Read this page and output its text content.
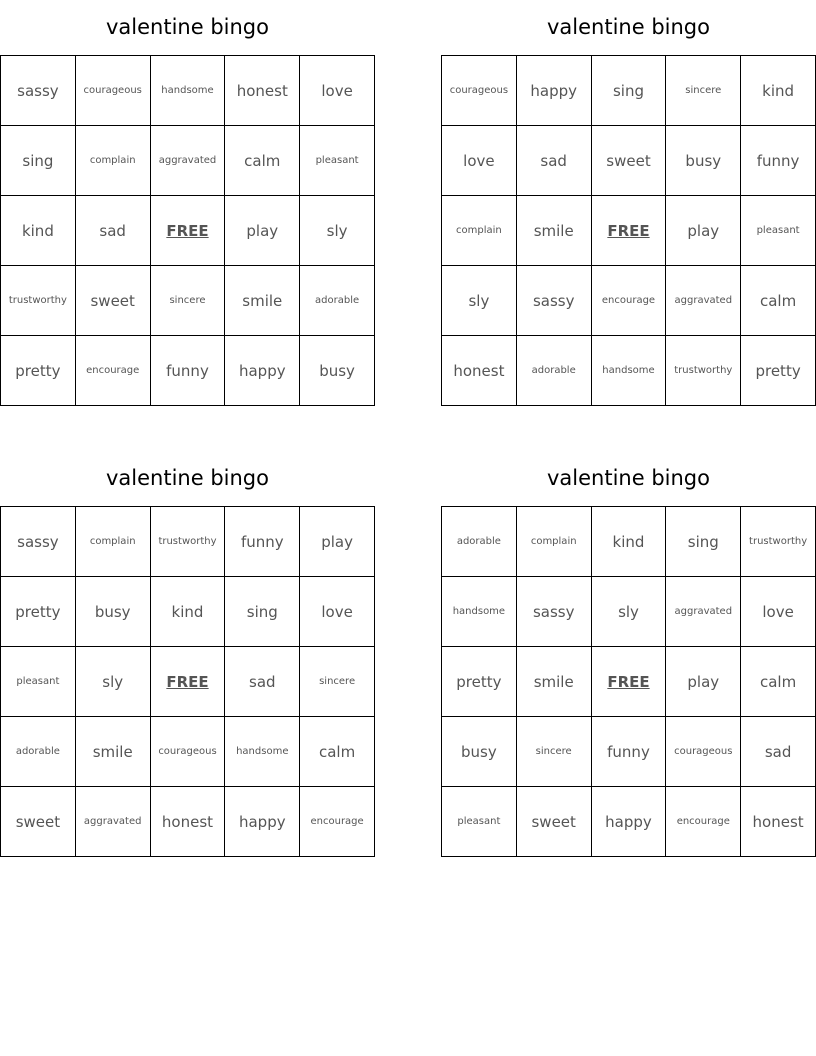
valentine bingo
sassy	courageous	handsome	honest	love
sing	complain	aggravated	calm	pleasant
kind	sad	FREE	play	sly
trustworthy	sweet	sincere	smile	adorable
pretty	encourage	funny	happy	busy
valentine bingo
courageous	happy	sing	sincere	kind
love	sad	sweet	busy	funny
complain	smile	FREE	play	pleasant
sly	sassy	encourage	aggravated	calm
honest	adorable	handsome	trustworthy	pretty
valentine bingo
sassy	complain	trustworthy	funny	play
pretty	busy	kind	sing	love
pleasant	sly	FREE	sad	sincere
adorable	smile	courageous	handsome	calm
sweet	aggravated	honest	happy	encourage
valentine bingo
adorable	complain	kind	sing	trustworthy
handsome	sassy	sly	aggravated	love
pretty	smile	FREE	play	calm
busy	sincere	funny	courageous	sad
pleasant	sweet	happy	encourage	honest
